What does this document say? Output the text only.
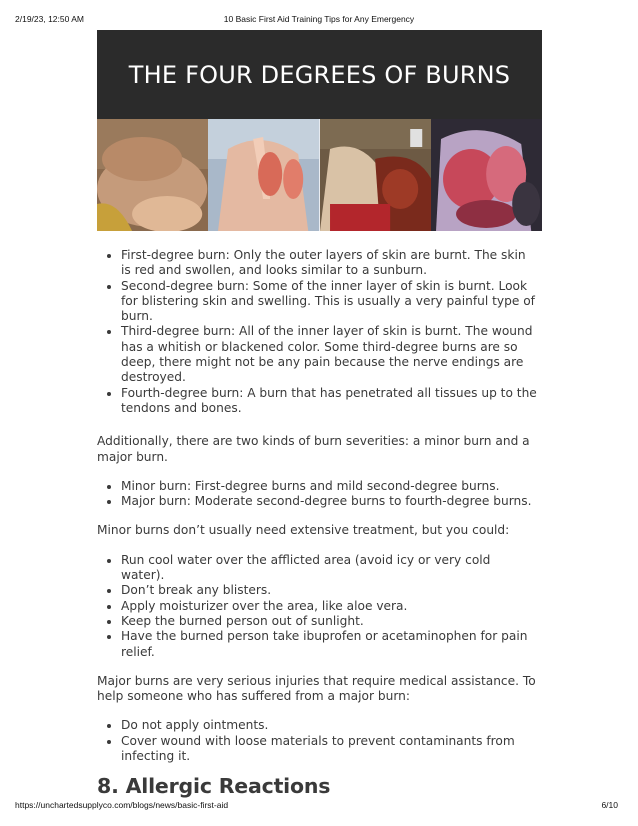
2/19/23, 12:50 AM	10 Basic First Aid Training Tips for Any Emergency
THE FOUR DEGREES OF BURNS
• First-degree burn: Only the outer layers of skin are burnt. The skin is red and swollen, and looks similar to a sunburn.
• Second-degree burn: Some of the inner layer of skin is burnt. Look for blistering skin and swelling. This is usually a very painful type of burn.
• Third-degree burn: All of the inner layer of skin is burnt. The wound has a whitish or blackened color. Some third-degree burns are so deep, there might not be any pain because the nerve endings are destroyed.
• Fourth-degree burn: A burn that has penetrated all tissues up to the tendons and bones.

Additionally, there are two kinds of burn severities: a minor burn and a major burn.

• Minor burn: First-degree burns and mild second-degree burns.
• Major burn: Moderate second-degree burns to fourth-degree burns.

Minor burns don’t usually need extensive treatment, but you could:

• Run cool water over the afflicted area (avoid icy or very cold water).
• Don’t break any blisters.
• Apply moisturizer over the area, like aloe vera.
• Keep the burned person out of sunlight.
• Have the burned person take ibuprofen or acetaminophen for pain relief.

Major burns are very serious injuries that require medical assistance. To help someone who has suffered from a major burn:

• Do not apply ointments.
• Cover wound with loose materials to prevent contaminants from infecting it.
8. Allergic Reactions
https://unchartedsupplyco.com/blogs/news/basic-first-aid	6/10
